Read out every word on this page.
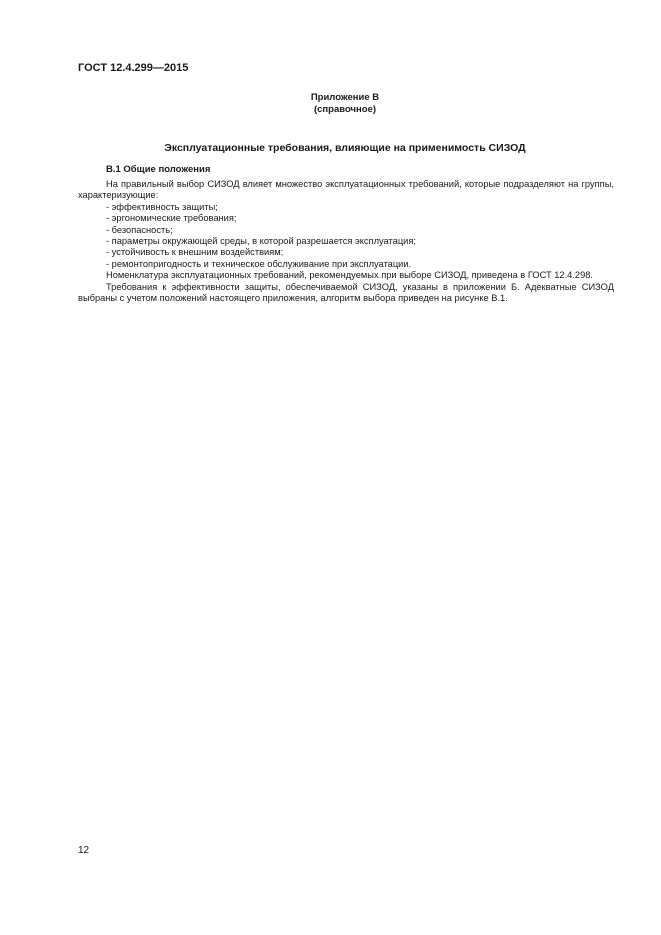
ГОСТ 12.4.299—2015
Приложение В
(справочное)
Эксплуатационные требования, влияющие на применимость СИЗОД
В.1 Общие положения

На правильный выбор СИЗОД влияет множество эксплуатационных требований, которые подразделяют на группы, характеризующие:

- эффективность защиты;
- эргономические требования;
- безопасность;
- параметры окружающей среды, в которой разрешается эксплуатация;
- устойчивость к внешним воздействиям;
- ремонтопригодность и техническое обслуживание при эксплуатации.

Номенклатура эксплуатационных требований, рекомендуемых при выборе СИЗОД, приведена в ГОСТ 12.4.298.

Требования к эффективности защиты, обеспечиваемой СИЗОД, указаны в приложении Б. Адекватные СИЗОД выбраны с учетом положений настоящего приложения, алгоритм выбора приведен на рисунке В.1.

12
